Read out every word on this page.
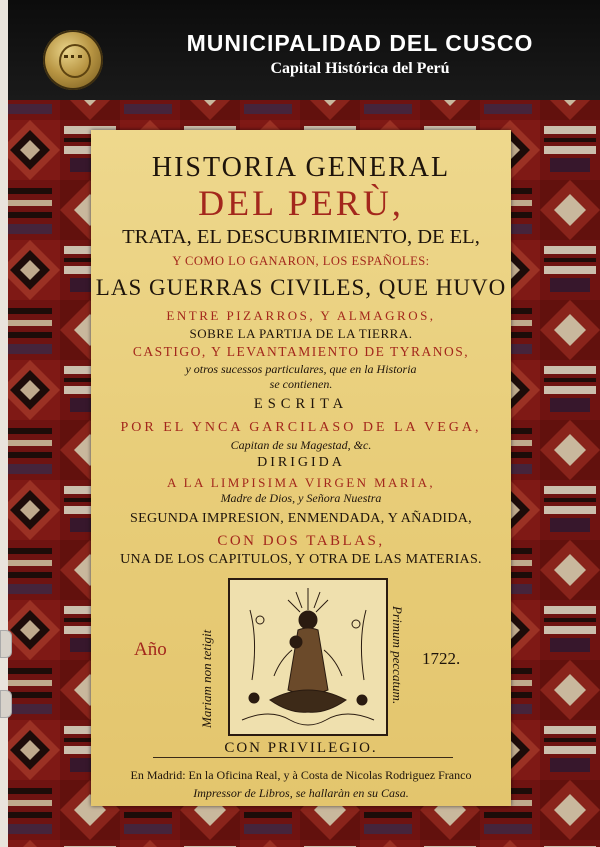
MUNICIPALIDAD DEL CUSCO
Capital Histórica del Perú
HISTORIA GENERAL
DEL PERÙ,
TRATA, EL DESCUBRIMIENTO, DE EL,
Y COMO LO GANARON, LOS ESPAÑOLES:
LAS GUERRAS CIVILES, QUE HUVO
ENTRE PIZARROS, Y ALMAGROS,
SOBRE LA PARTIJA DE LA TIERRA.
CASTIGO, Y LEVANTAMIENTO DE TYRANOS,
y otros sucessos particulares, que en la Historia
se contienen.
ESCRITA
POR EL YNCA GARCILASO DE LA VEGA,
Capitan de su Magestad, &c.
DIRIGIDA
A LA LIMPISIMA VIRGEN MARIA,
Madre de Dios, y Señora Nuestra
SEGUNDA IMPRESION, ENMENDADA, Y AÑADIDA,
CON DOS TABLAS,
UNA DE LOS CAPITULOS, Y OTRA DE LAS MATERIAS.
Año	1722.
Mariam non tetigit	Primum peccatum.
CON PRIVILEGIO.
En Madrid: En la Oficina Real, y à Costa de Nicolas Rodriguez Franco
Impressor de Libros, se hallaràn en su Casa.
